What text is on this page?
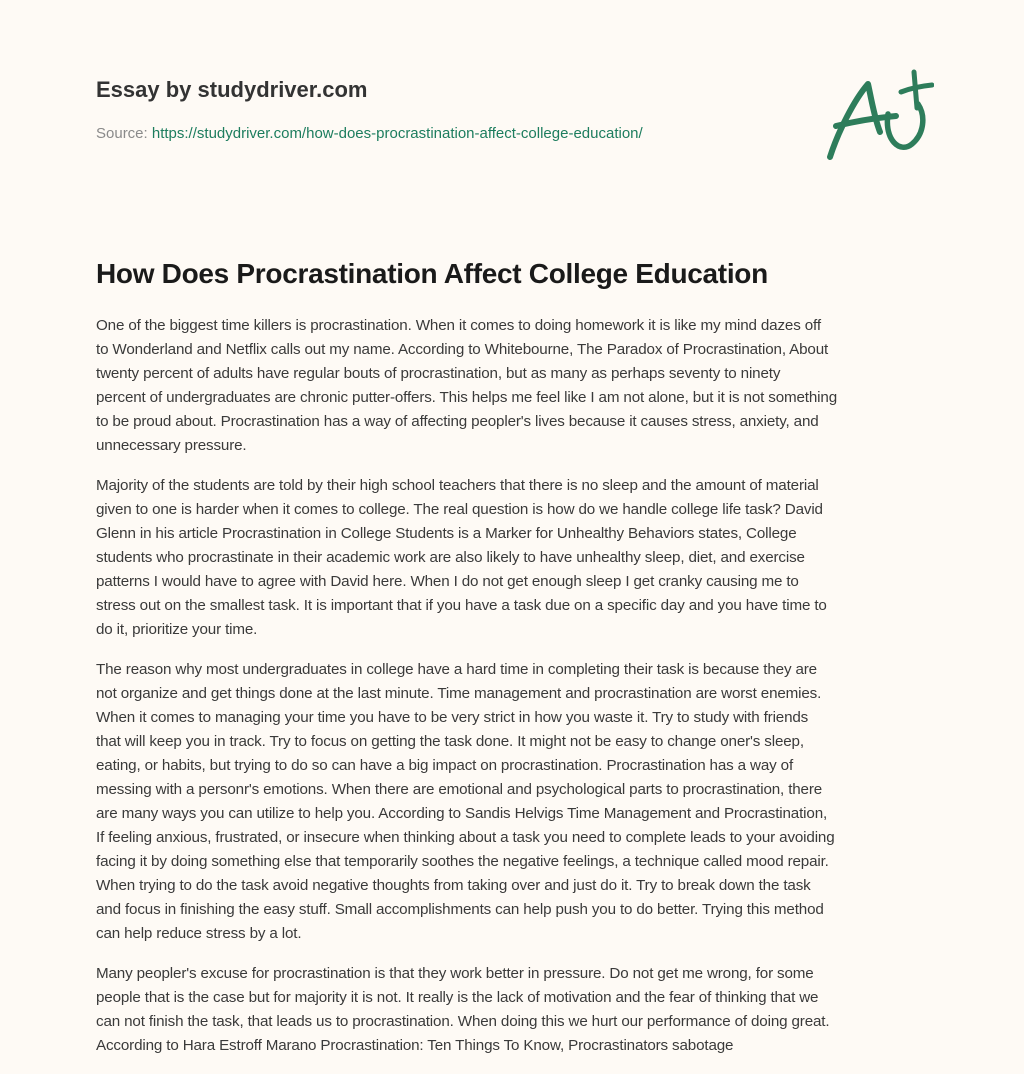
Essay by studydriver.com
Source: https://studydriver.com/how-does-procrastination-affect-college-education/
How Does Procrastination Affect College Education

One of the biggest time killers is procrastination. When it comes to doing homework it is like my mind dazes off
to Wonderland and Netflix calls out my name. According to Whitebourne, The Paradox of Procrastination, About
twenty percent of adults have regular bouts of procrastination, but as many as perhaps seventy to ninety
percent of undergraduates are chronic putter-offers. This helps me feel like I am not alone, but it is not something
to be proud about. Procrastination has a way of affecting peopler's lives because it causes stress, anxiety, and
unnecessary pressure.

Majority of the students are told by their high school teachers that there is no sleep and the amount of material
given to one is harder when it comes to college. The real question is how do we handle college life task? David
Glenn in his article Procrastination in College Students is a Marker for Unhealthy Behaviors states, College
students who procrastinate in their academic work are also likely to have unhealthy sleep, diet, and exercise
patterns I would have to agree with David here. When I do not get enough sleep I get cranky causing me to
stress out on the smallest task. It is important that if you have a task due on a specific day and you have time to
do it, prioritize your time.

The reason why most undergraduates in college have a hard time in completing their task is because they are
not organize and get things done at the last minute. Time management and procrastination are worst enemies.
When it comes to managing your time you have to be very strict in how you waste it. Try to study with friends
that will keep you in track. Try to focus on getting the task done. It might not be easy to change oner's sleep,
eating, or habits, but trying to do so can have a big impact on procrastination. Procrastination has a way of
messing with a personr's emotions. When there are emotional and psychological parts to procrastination, there
are many ways you can utilize to help you. According to Sandis Helvigs Time Management and Procrastination,
If feeling anxious, frustrated, or insecure when thinking about a task you need to complete leads to your avoiding
facing it by doing something else that temporarily soothes the negative feelings, a technique called mood repair.
When trying to do the task avoid negative thoughts from taking over and just do it. Try to break down the task
and focus in finishing the easy stuff. Small accomplishments can help push you to do better. Trying this method
can help reduce stress by a lot.

Many peopler's excuse for procrastination is that they work better in pressure. Do not get me wrong, for some
people that is the case but for majority it is not. It really is the lack of motivation and the fear of thinking that we
can not finish the task, that leads us to procrastination. When doing this we hurt our performance of doing great.
According to Hara Estroff Marano Procrastination: Ten Things To Know, Procrastinators sabotage
